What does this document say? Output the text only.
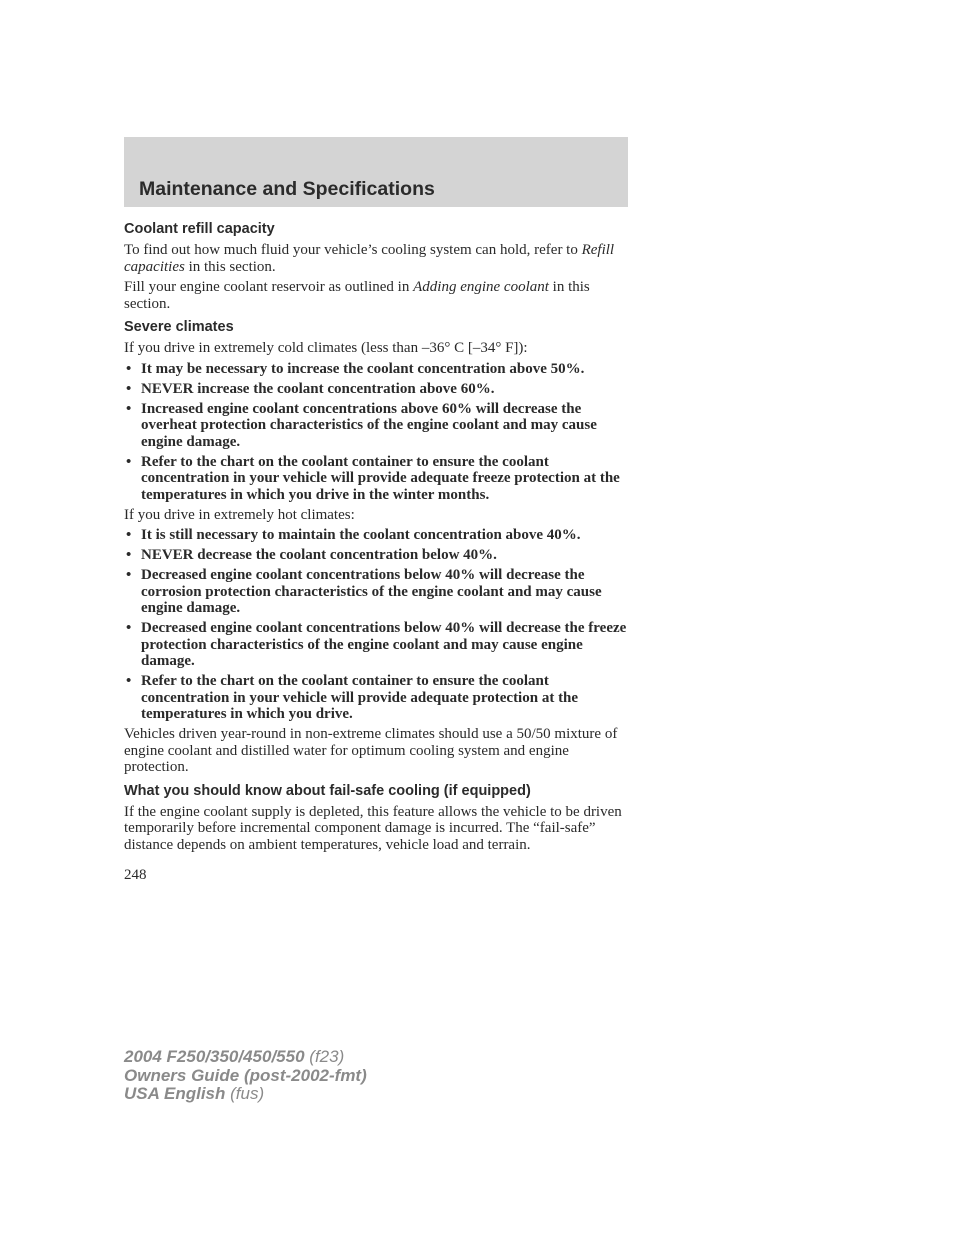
Maintenance and Specifications
Coolant refill capacity

To find out how much fluid your vehicle’s cooling system can hold, refer to Refill capacities in this section.

Fill your engine coolant reservoir as outlined in Adding engine coolant in this section.

Severe climates

If you drive in extremely cold climates (less than –36° C [–34° F]):

• It may be necessary to increase the coolant concentration above 50%.
• NEVER increase the coolant concentration above 60%.
• Increased engine coolant concentrations above 60% will decrease the overheat protection characteristics of the engine coolant and may cause engine damage.
• Refer to the chart on the coolant container to ensure the coolant concentration in your vehicle will provide adequate freeze protection at the temperatures in which you drive in the winter months.

If you drive in extremely hot climates:

• It is still necessary to maintain the coolant concentration above 40%.
• NEVER decrease the coolant concentration below 40%.
• Decreased engine coolant concentrations below 40% will decrease the corrosion protection characteristics of the engine coolant and may cause engine damage.
• Decreased engine coolant concentrations below 40% will decrease the freeze protection characteristics of the engine coolant and may cause engine damage.
• Refer to the chart on the coolant container to ensure the coolant concentration in your vehicle will provide adequate protection at the temperatures in which you drive.

Vehicles driven year-round in non-extreme climates should use a 50/50 mixture of engine coolant and distilled water for optimum cooling system and engine protection.

What you should know about fail-safe cooling (if equipped)

If the engine coolant supply is depleted, this feature allows the vehicle to be driven temporarily before incremental component damage is incurred. The “fail-safe” distance depends on ambient temperatures, vehicle load and terrain.

248

2004 F250/350/450/550 (f23)
Owners Guide (post-2002-fmt)
USA English (fus)
